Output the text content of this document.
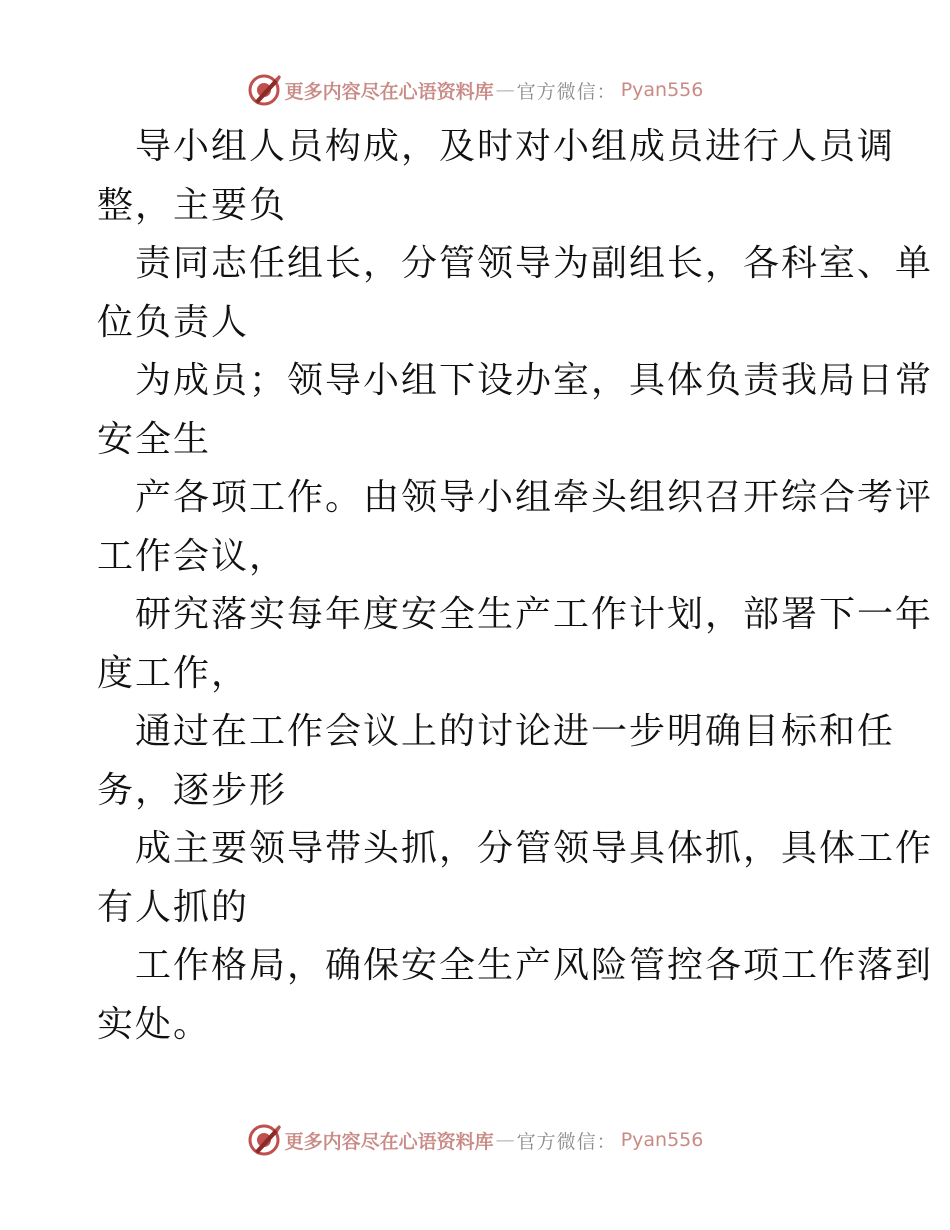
更多内容尽在心语资料库 — 官方微信： Pyan556
导小组人员构成，及时对小组成员进行人员调
整，主要负
责同志任组长，分管领导为副组长，各科室、单
位负责人
为成员；领导小组下设办室，具体负责我局日常
安全生
产各项工作。由领导小组牵头组织召开综合考评
工作会议，
研究落实每年度安全生产工作计划，部署下一年
度工作，
通过在工作会议上的讨论进一步明确目标和任
务，逐步形
成主要领导带头抓，分管领导具体抓，具体工作
有人抓的
工作格局，确保安全生产风险管控各项工作落到
实处。
更多内容尽在心语资料库 — 官方微信： Pyan556
